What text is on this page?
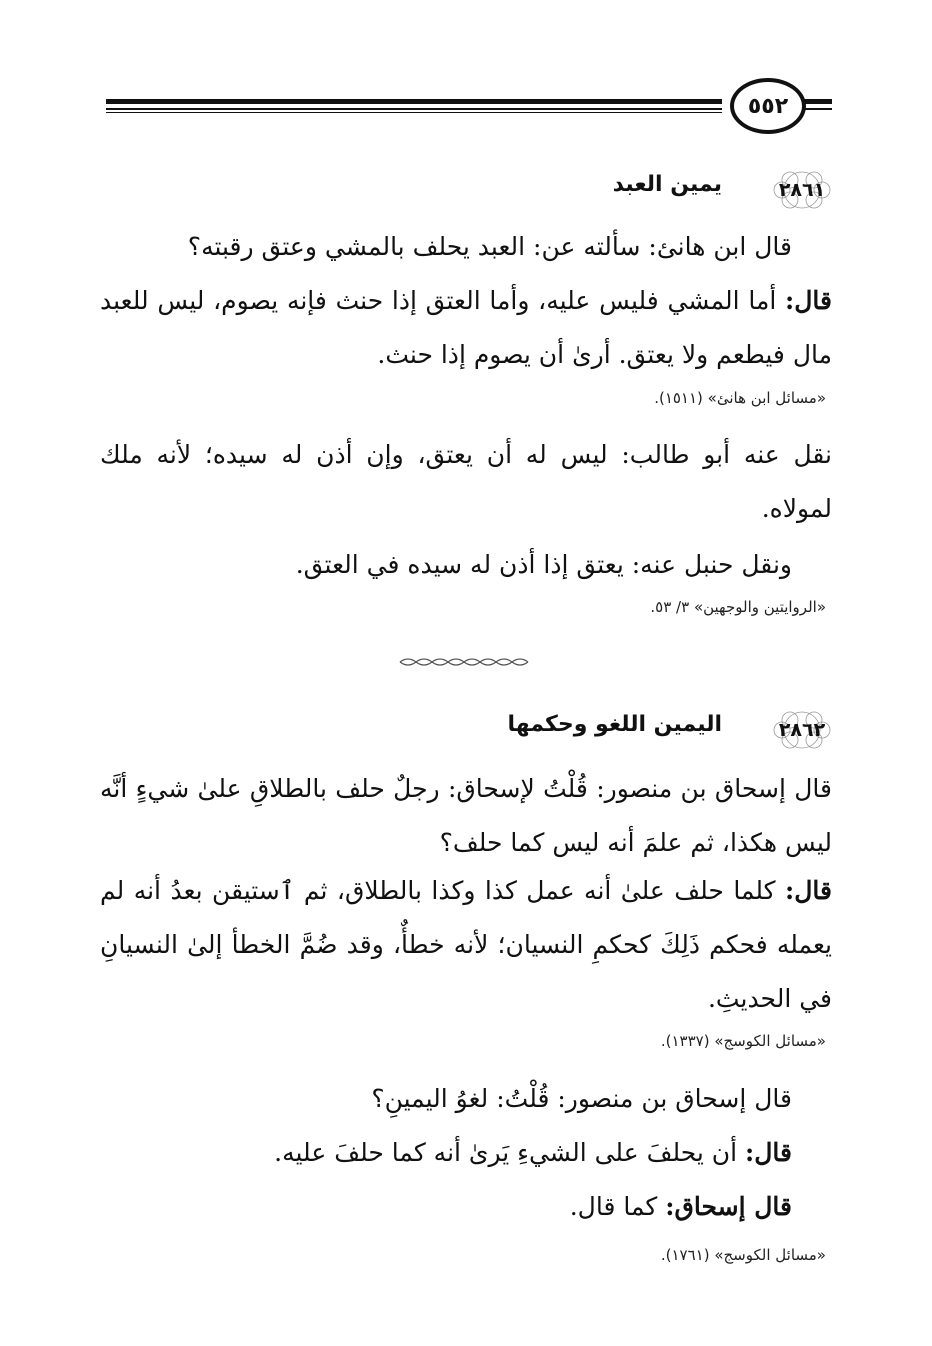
٥٥٢
٢٨٦١
يمين العبد
قال ابن هانئ: سألته عن: العبد يحلف بالمشي وعتق رقبته؟
قال: أما المشي فليس عليه، وأما العتق إذا حنث فإنه يصوم، ليس للعبد مال فيطعم ولا يعتق. أرىٰ أن يصوم إذا حنث.
«مسائل ابن هانئ» (١٥١١).
نقل عنه أبو طالب: ليس له أن يعتق، وإن أذن له سيده؛ لأنه ملك لمولاه.
ونقل حنبل عنه: يعتق إذا أذن له سيده في العتق.
«الروايتين والوجهين» ٣/ ٥٣.
٢٨٦٢
اليمين اللغو وحكمها
قال إسحاق بن منصور: قُلْتُ لإسحاق: رجلٌ حلف بالطلاقِ علىٰ شيءٍ أنَّه ليس هكذا، ثم علمَ أنه ليس كما حلف؟
قال: كلما حلف علىٰ أنه عمل كذا وكذا بالطلاق، ثم ٱستيقن بعدُ أنه لم يعمله فحكم ذَلِكَ كحكمِ النسيان؛ لأنه خطأٌ، وقد ضُمَّ الخطأ إلىٰ النسيانِ في الحديثِ.
«مسائل الكوسج» (١٣٣٧).
قال إسحاق بن منصور: قُلْتُ: لغوُ اليمينِ؟
قال: أن يحلفَ على الشيءِ يَرىٰ أنه كما حلفَ عليه.
قال إسحاق: كما قال.
«مسائل الكوسج» (١٧٦١).
